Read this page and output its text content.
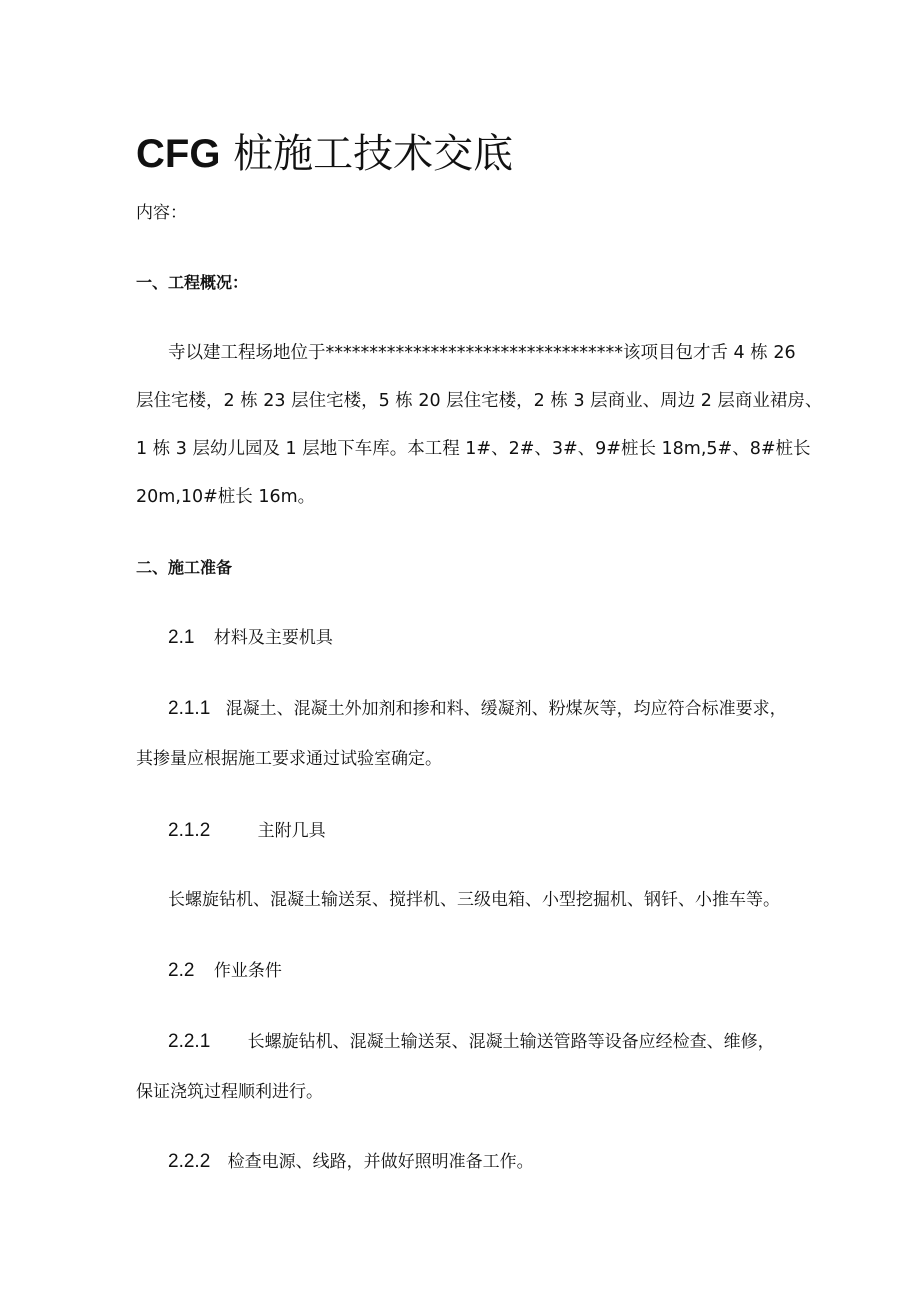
CFG 桩施工技术交底
内容：
一、工程概况：
寺以建工程场地位于**********************************该项目包才舌 4 栋 26
层住宅楼，2 栋 23 层住宅楼，5 栋 20 层住宅楼，2 栋 3 层商业、周边 2 层商业裙房、
1 栋 3 层幼儿园及 1 层地下车库。本工程 1#、2#、3#、9#桩长 18m,5#、8#桩长
20m,10#桩长 16m。
二、施工准备
2.1 材料及主要机具
2.1.1 混凝土、混凝土外加剂和掺和料、缓凝剂、粉煤灰等，均应符合标准要求，
其掺量应根据施工要求通过试验室确定。
2.1.2	主附几具
长螺旋钻机、混凝土输送泵、搅拌机、三级电箱、小型挖掘机、钢钎、小推车等。
2.2 作业条件
2.2.1 长螺旋钻机、混凝土输送泵、混凝土输送管路等设备应经检查、维修，
保证浇筑过程顺利进行。
2.2.2 检查电源、线路，并做好照明准备工作。
